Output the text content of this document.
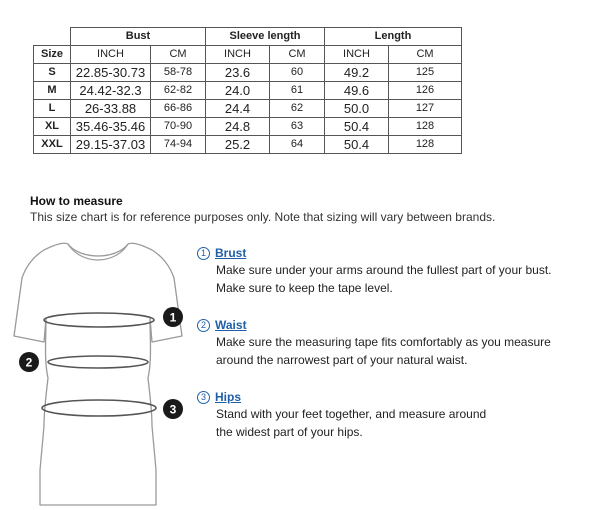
	Bust		Sleeve length		Length	
Size	INCH	CM	INCH	CM	INCH	CM
S	22.85-30.73	58-78	23.6	60	49.2	125
M	24.42-32.3	62-82	24.0	61	49.6	126
L	26-33.88	66-86	24.4	62	50.0	127
XL	35.46-35.46	70-90	24.8	63	50.4	128
XXL	29.15-37.03	74-94	25.2	64	50.4	128
How to measure
This size chart is for reference purposes only. Note that sizing will vary between brands.
1
2
3
1 Brust
Make sure under your arms around the fullest part of your bust.
Make sure to keep the tape level.
2 Waist
Make sure the measuring tape fits comfortably as you measure
around the narrowest part of your natural waist.
3 Hips
Stand with your feet together, and measure around
the widest part of your hips.
